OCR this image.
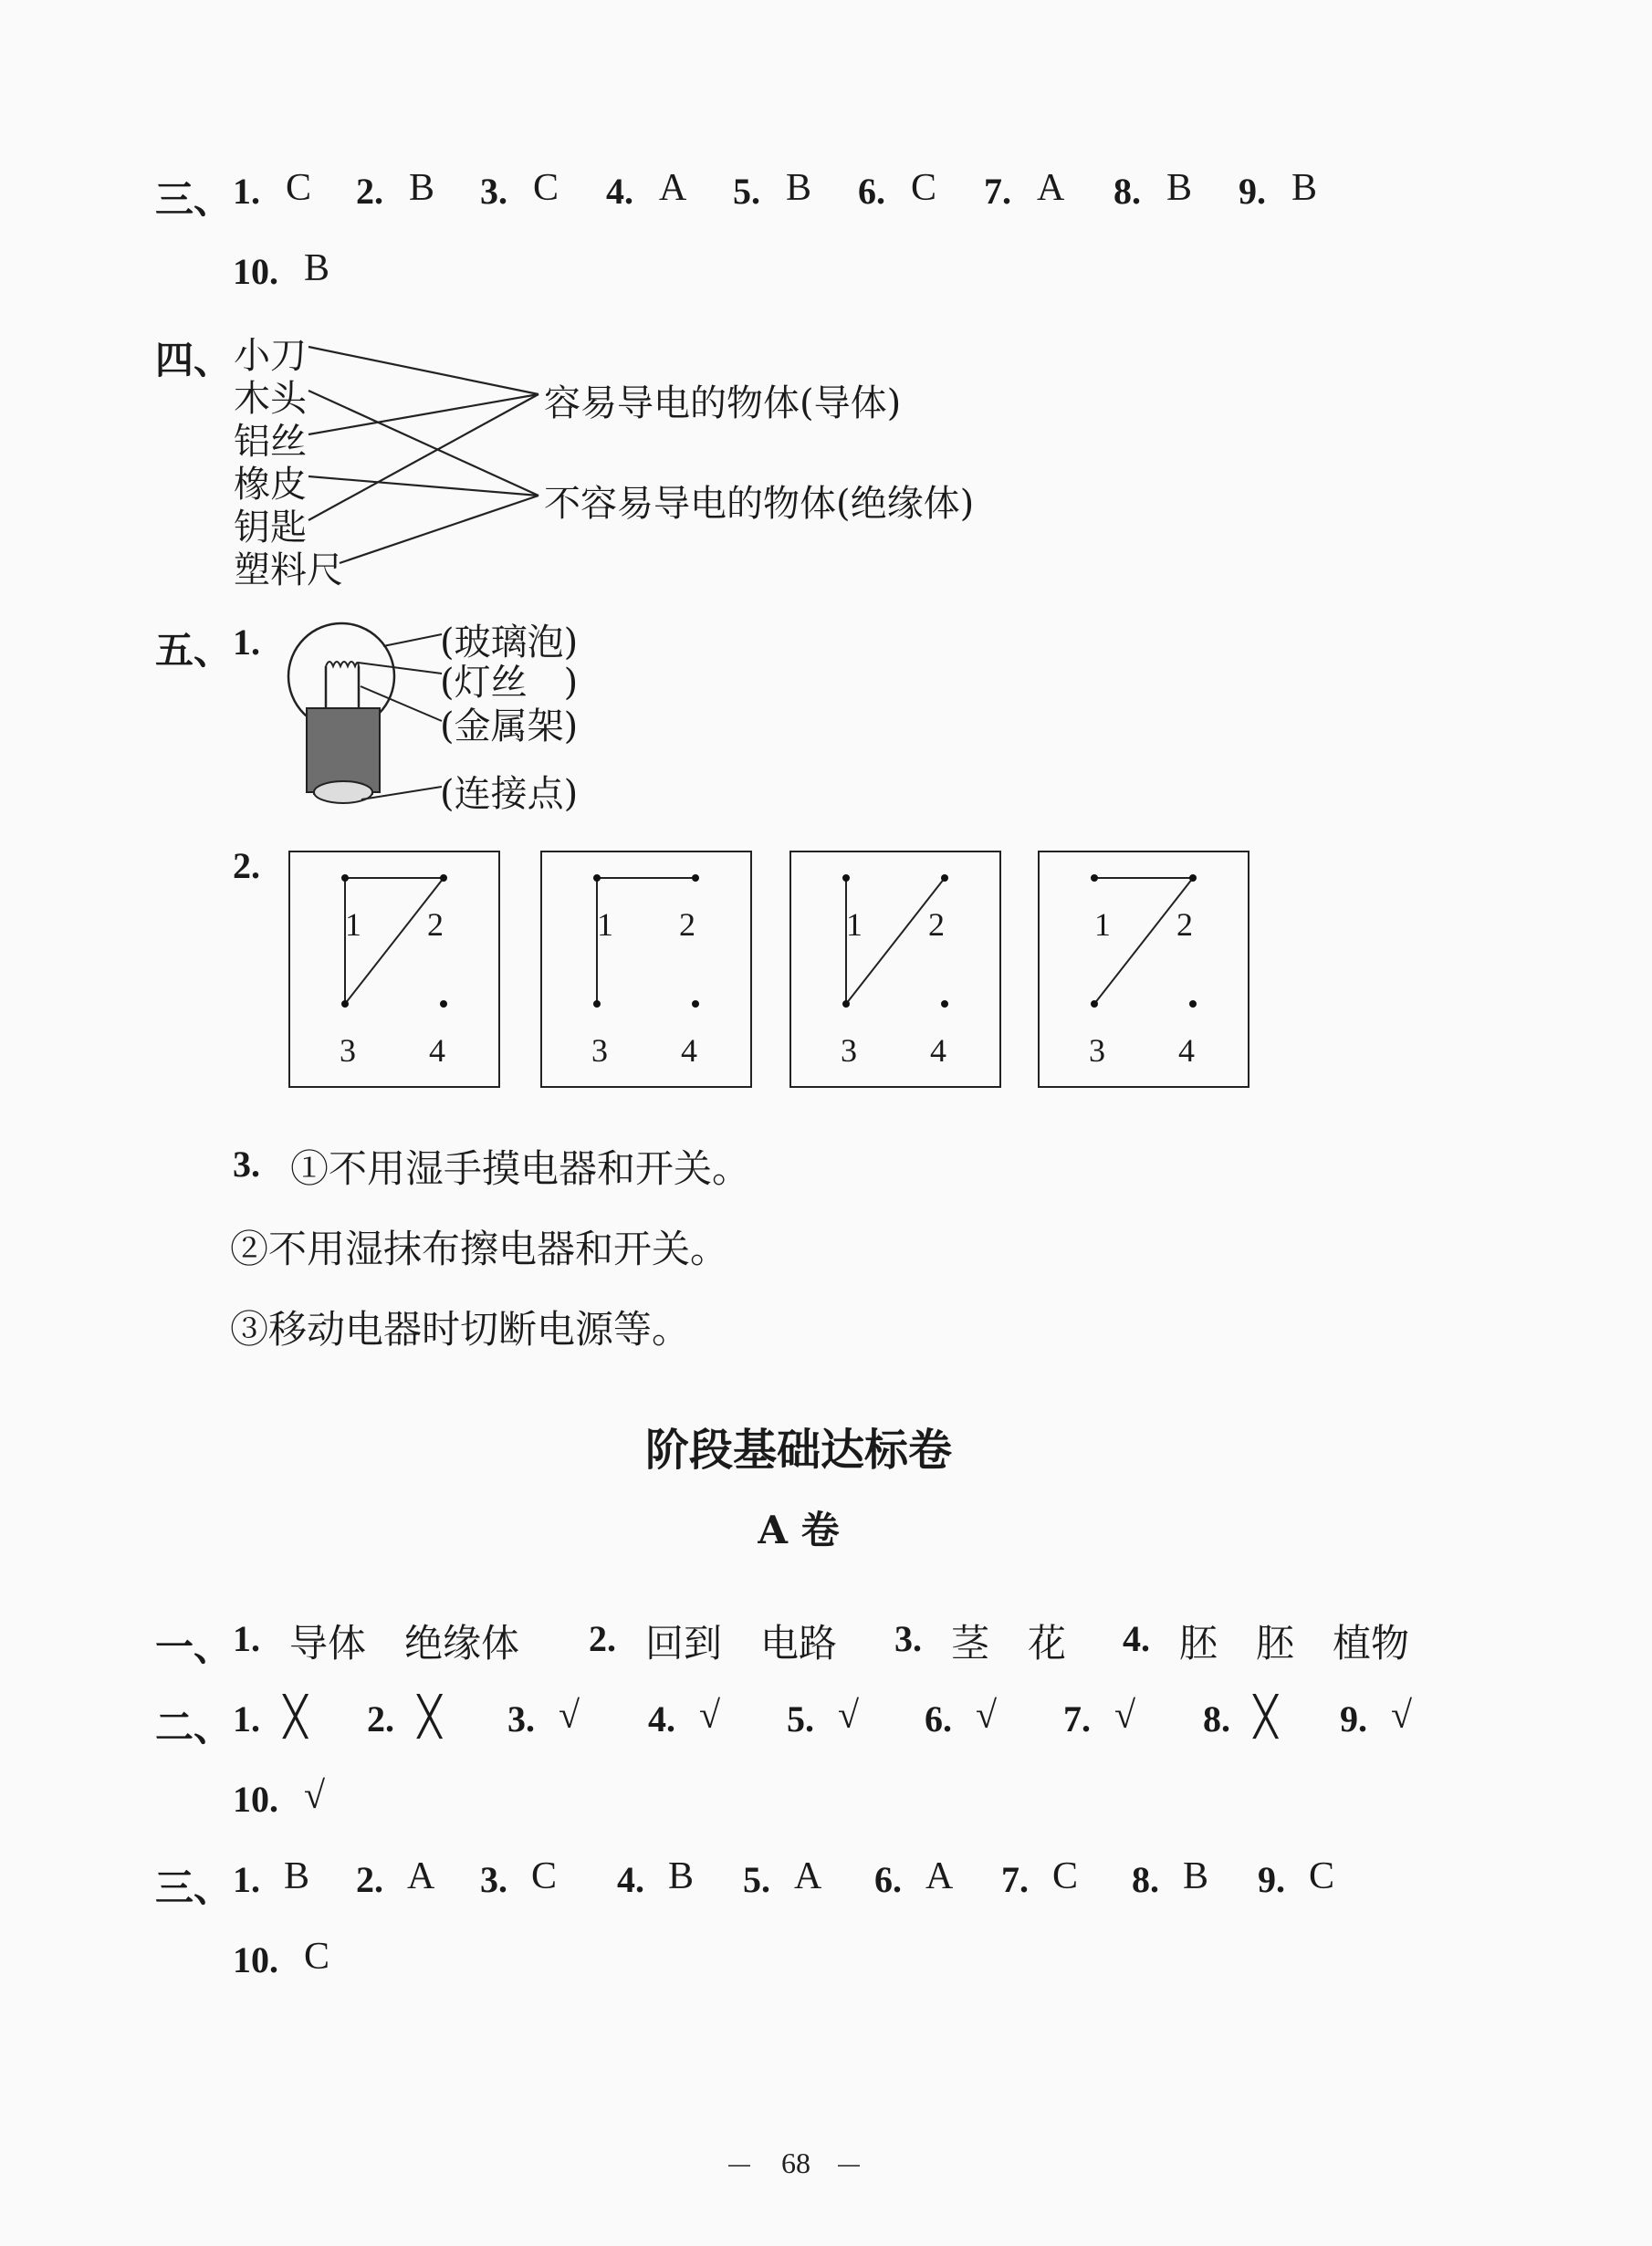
三、 1. C 2. B 3. C 4. A 5. B 6. C 7. A 8. B 9. B
10. B
四、 小刀
木头
铝丝
橡皮
钥匙
塑料尺
容易导电的物体(导体)
不容易导电的物体(绝缘体)
五、 1.	(玻璃泡)
(灯丝　)
(金属架)
(连接点)
2.
1 2
3 4
1 2
3 4
1 2
3 4
1 2
3 4
3. ①不用湿手摸电器和开关。
②不用湿抹布擦电器和开关。
③移动电器时切断电源等。
阶段基础达标卷
A 卷
一、 1. 导体　绝缘体 2. 回到　电路 3. 茎　花 4. 胚　胚　植物
二、 1. ╳ 2. ╳ 3. √ 4. √ 5. √ 6. √ 7. √ 8. ╳ 9. √
10. √
三、 1. B 2. A 3. C 4. B 5. A 6. A 7. C 8. B 9. C
10. C
68
